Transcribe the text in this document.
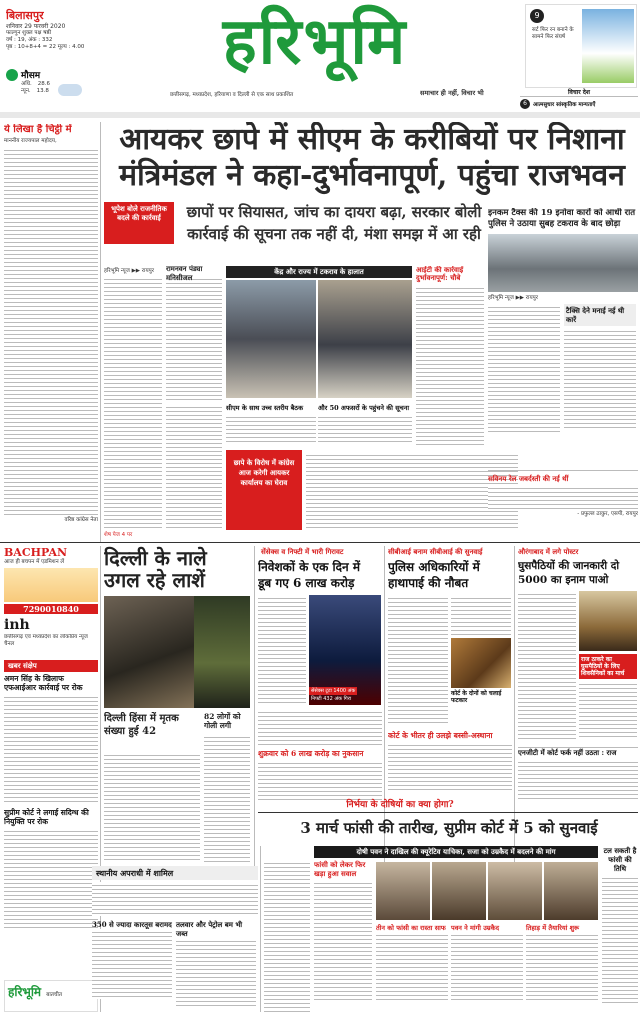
बिलासपुर
शनिवार 29 फरवरी 2020
फाल्गुन शुक्ल पक्ष षष्ठी
वर्ष : 19, अंक : 332
पृष्ठ : 10+8+4 = 22 मूल्य : 4.00
मौसम
अधि. 28.6
न्यून. 13.8
हरिभूमि
छत्तीसगढ़, मध्यप्रदेश, हरियाणा व दिल्ली से एक साथ प्रकाशित	समाचार ही नहीं, विचार भी
9
सर्ट फिर रन बनाने के सामने फिर संघर्ष
विचार देश
6	आत्मसुधार सांस्कृतिक मान्यताएँ
ये लिखा है चिट्ठी में
माननीय राज्यपाल महोदय,
वरिष्ठ कांग्रेस नेता
आयकर छापे में सीएम के करीबियों पर निशाना
मंत्रिमंडल ने कहा-दुर्भावनापूर्ण, पहुंचा राजभवन
भूपेश बोले राजनीतिक बदले की कार्रवाई	छापों पर सियासत, जांच का दायरा बढ़ा, सरकार बोली
कार्रवाई की सूचना तक नहीं दी, मंशा समझ में आ रही
हरिभूमि न्यूज ▶▶ रायपुर	रामनवन पंड्या मनिसीजल
शेष पेज 4 पर
केंद्र और राज्य में टकराव के हालात
सीएम के साथ उच्च स्तरीय बैठक	और 50 अफसरों के पहुंचने की सूचना
छापे के विरोध में कांग्रेस आज करेगी आयकर कार्यालय का घेराव
आईटी की कार्रवाई दुर्भावनापूर्ण: चौबे
इनकम टैक्स की 19 इनोवा कारों को आधी रात पुलिस ने उठाया सुबह टकराव के बाद छोड़ा
हरिभूमि न्यूज ▶▶ रायपुर
टैक्सि देने मनाई नई थी कारें
सविनय रेल जबर्दस्ती की नई थीं
- प्रफुल्ल ठाकुर, एसपी, रायपुर
BACHPAN
आज ही बचपन में एडमिशन लें
7290010840
inh
छत्तीसगढ़ एवं मध्यप्रदेश का लोकप्रिय न्यूज चैनल
खबर संक्षेप
अमन सिंह के खिलाफ एफआईआर कार्रवाई पर रोक
सुप्रीम कोर्ट ने लगाई सदिग्ध की नियुक्ति पर रोक
हरिभूमि बातचीत
दिल्ली के नाले
उगल रहे लाशें
दिल्ली हिंसा में मृतक संख्या हुई 42
82 लोगों को गोली लगी
सेंसेक्स व निफ्टी में भारी गिरावट
निवेशकों के एक दिन में
डूब गए 6 लाख करोड़
सेंसेक्स टूटा 1400 अंक
निफ्टी 432 अंक गिरा
शुक्रवार को 6 लाख करोड़ का नुकसान
सीबीआई बनाम सीबीआई की सुनवाई
पुलिस अधिकारियों में
हाथापाई की नौबत
कोर्ट के दोनों को चलाई फटकार
कोर्ट के भीतर ही उलझे बस्सी-अस्थाना
औरंगाबाद में लगे पोस्टर
घुसपैठियों की जानकारी दो
5000 का इनाम पाओ
राज ठाकरे का घुसपैठियों के लिए शिवसैनिकों का मार्च
एनजीटी में कोर्ट फर्क नहीं उठता : राज
निर्भया के दोषियों का क्या होगा?
3 मार्च फांसी की तारीख, सुप्रीम कोर्ट में 5 को सुनवाई
स्थानीय अपराधी में शामिल
350 से ज्यादा कारतूस बरामद तलवार और पेट्रोल बम भी जब्त
दोषी पवन ने दाखिल की क्यूरेटिव याचिका, सजा को उम्रकैद में बदलने की मांग
फांसी को लेकर फिर खड़ा हुआ सवाल
तीन को फांसी का रास्ता साफ पवन ने मांगी उम्रकैद	तिहाड़ में तैयारियां शुरू
टल सकती है फांसी की तिथि
